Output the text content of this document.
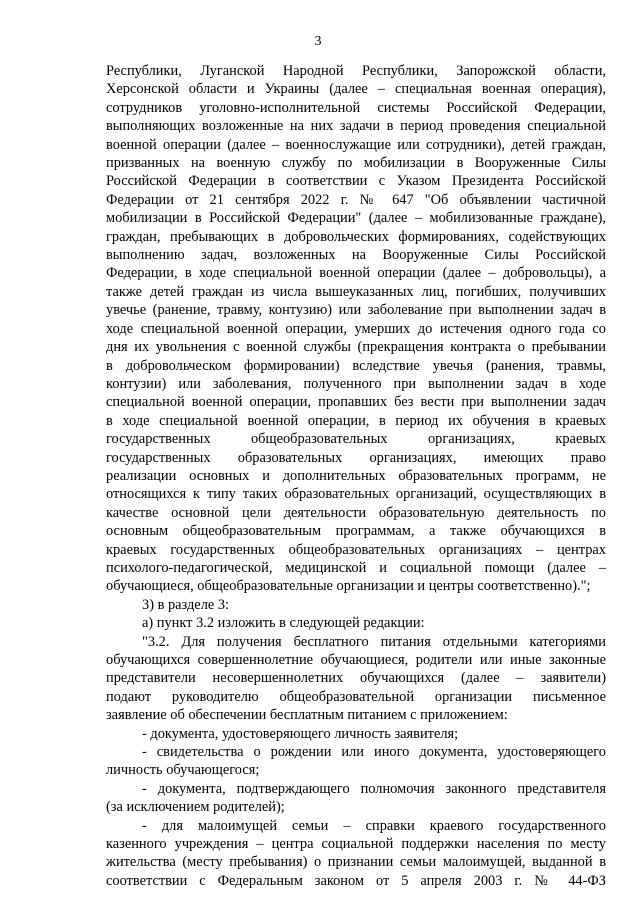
3
Республики, Луганской Народной Республики, Запорожской области,
Херсонской области и Украины (далее – специальная военная операция),
сотрудников уголовно-исполнительной системы Российской Федерации,
выполняющих возложенные на них задачи в период проведения специальной
военной операции (далее – военнослужащие или сотрудники), детей граждан,
призванных на военную службу по мобилизации в Вооруженные Силы
Российской Федерации в соответствии с Указом Президента Российской
Федерации от 21 сентября 2022 г. № 647 "Об объявлении частичной
мобилизации в Российской Федерации" (далее – мобилизованные граждане),
граждан, пребывающих в добровольческих формированиях, содействующих
выполнению задач, возложенных на Вооруженные Силы Российской
Федерации, в ходе специальной военной операции (далее – добровольцы), а
также детей граждан из числа вышеуказанных лиц, погибших, получивших
увечье (ранение, травму, контузию) или заболевание при выполнении задач в
ходе специальной военной операции, умерших до истечения одного года со
дня их увольнения с военной службы (прекращения контракта о пребывании
в добровольческом формировании) вследствие увечья (ранения, травмы,
контузии) или заболевания, полученного при выполнении задач в ходе
специальной военной операции, пропавших без вести при выполнении задач
в ходе специальной военной операции, в период их обучения в краевых
государственных общеобразовательных организациях, краевых
государственных образовательных организациях, имеющих право
реализации основных и дополнительных образовательных программ, не
относящихся к типу таких образовательных организаций, осуществляющих в
качестве основной цели деятельности образовательную деятельность по
основным общеобразовательным программам, а также обучающихся в
краевых государственных общеобразовательных организациях – центрах
психолого-педагогической, медицинской и социальной помощи (далее –
обучающиеся, общеобразовательные организации и центры соответственно).";
3) в разделе 3:
а) пункт 3.2 изложить в следующей редакции:
"3.2. Для получения бесплатного питания отдельными категориями
обучающихся совершеннолетние обучающиеся, родители или иные законные
представители несовершеннолетних обучающихся (далее – заявители)
подают руководителю общеобразовательной организации письменное
заявление об обеспечении бесплатным питанием с приложением:
- документа, удостоверяющего личность заявителя;
- свидетельства о рождении или иного документа, удостоверяющего
личность обучающегося;
- документа, подтверждающего полномочия законного представителя
(за исключением родителей);
- для малоимущей семьи – справки краевого государственного
казенного учреждения – центра социальной поддержки населения по месту
жительства (месту пребывания) о признании семьи малоимущей, выданной в
соответствии с Федеральным законом от 5 апреля 2003 г. № 44-ФЗ
